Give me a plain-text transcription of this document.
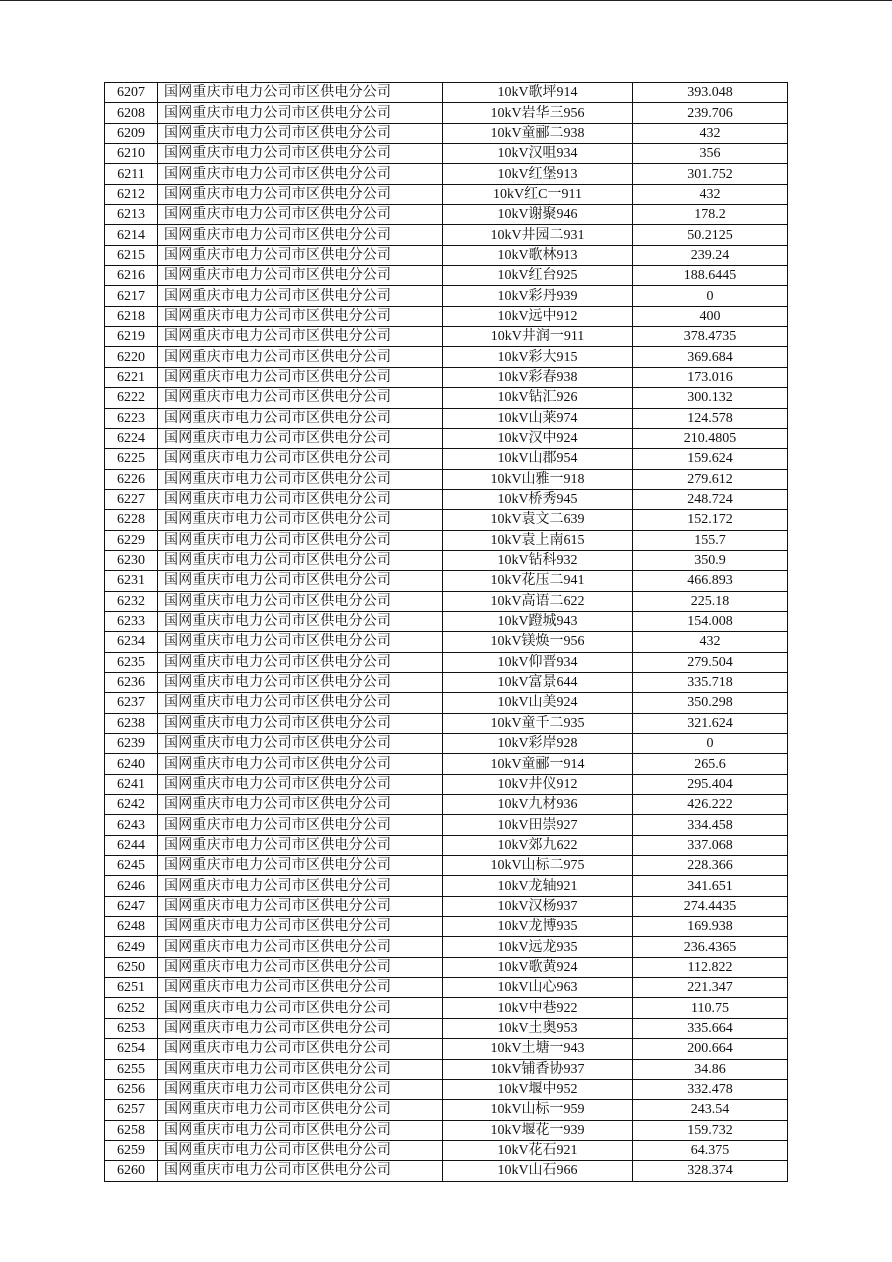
6207	国网重庆市电力公司市区供电分公司	10kV歌坪914	393.048
6208	国网重庆市电力公司市区供电分公司	10kV岩华三956	239.706
6209	国网重庆市电力公司市区供电分公司	10kV童郦二938	432
6210	国网重庆市电力公司市区供电分公司	10kV汉咀934	356
6211	国网重庆市电力公司市区供电分公司	10kV红堡913	301.752
6212	国网重庆市电力公司市区供电分公司	10kV红C一911	432
6213	国网重庆市电力公司市区供电分公司	10kV谢聚946	178.2
6214	国网重庆市电力公司市区供电分公司	10kV井园二931	50.2125
6215	国网重庆市电力公司市区供电分公司	10kV歌林913	239.24
6216	国网重庆市电力公司市区供电分公司	10kV红台925	188.6445
6217	国网重庆市电力公司市区供电分公司	10kV彩丹939	0
6218	国网重庆市电力公司市区供电分公司	10kV远中912	400
6219	国网重庆市电力公司市区供电分公司	10kV井润一911	378.4735
6220	国网重庆市电力公司市区供电分公司	10kV彩大915	369.684
6221	国网重庆市电力公司市区供电分公司	10kV彩春938	173.016
6222	国网重庆市电力公司市区供电分公司	10kV钻汇926	300.132
6223	国网重庆市电力公司市区供电分公司	10kV山莱974	124.578
6224	国网重庆市电力公司市区供电分公司	10kV汉中924	210.4805
6225	国网重庆市电力公司市区供电分公司	10kV山郡954	159.624
6226	国网重庆市电力公司市区供电分公司	10kV山雅一918	279.612
6227	国网重庆市电力公司市区供电分公司	10kV桥秀945	248.724
6228	国网重庆市电力公司市区供电分公司	10kV袁文二639	152.172
6229	国网重庆市电力公司市区供电分公司	10kV袁上南615	155.7
6230	国网重庆市电力公司市区供电分公司	10kV钻科932	350.9
6231	国网重庆市电力公司市区供电分公司	10kV花压二941	466.893
6232	国网重庆市电力公司市区供电分公司	10kV高语二622	225.18
6233	国网重庆市电力公司市区供电分公司	10kV蹬城943	154.008
6234	国网重庆市电力公司市区供电分公司	10kV镁焕一956	432
6235	国网重庆市电力公司市区供电分公司	10kV仰晋934	279.504
6236	国网重庆市电力公司市区供电分公司	10kV富景644	335.718
6237	国网重庆市电力公司市区供电分公司	10kV山美924	350.298
6238	国网重庆市电力公司市区供电分公司	10kV童千二935	321.624
6239	国网重庆市电力公司市区供电分公司	10kV彩岸928	0
6240	国网重庆市电力公司市区供电分公司	10kV童郦一914	265.6
6241	国网重庆市电力公司市区供电分公司	10kV井仪912	295.404
6242	国网重庆市电力公司市区供电分公司	10kV九材936	426.222
6243	国网重庆市电力公司市区供电分公司	10kV田崇927	334.458
6244	国网重庆市电力公司市区供电分公司	10kV郊九622	337.068
6245	国网重庆市电力公司市区供电分公司	10kV山标二975	228.366
6246	国网重庆市电力公司市区供电分公司	10kV龙轴921	341.651
6247	国网重庆市电力公司市区供电分公司	10kV汉杨937	274.4435
6248	国网重庆市电力公司市区供电分公司	10kV龙博935	169.938
6249	国网重庆市电力公司市区供电分公司	10kV远龙935	236.4365
6250	国网重庆市电力公司市区供电分公司	10kV歌黄924	112.822
6251	国网重庆市电力公司市区供电分公司	10kV山心963	221.347
6252	国网重庆市电力公司市区供电分公司	10kV中巷922	110.75
6253	国网重庆市电力公司市区供电分公司	10kV土奥953	335.664
6254	国网重庆市电力公司市区供电分公司	10kV土塘一943	200.664
6255	国网重庆市电力公司市区供电分公司	10kV铺香协937	34.86
6256	国网重庆市电力公司市区供电分公司	10kV堰中952	332.478
6257	国网重庆市电力公司市区供电分公司	10kV山标一959	243.54
6258	国网重庆市电力公司市区供电分公司	10kV堰花一939	159.732
6259	国网重庆市电力公司市区供电分公司	10kV花石921	64.375
6260	国网重庆市电力公司市区供电分公司	10kV山石966	328.374
